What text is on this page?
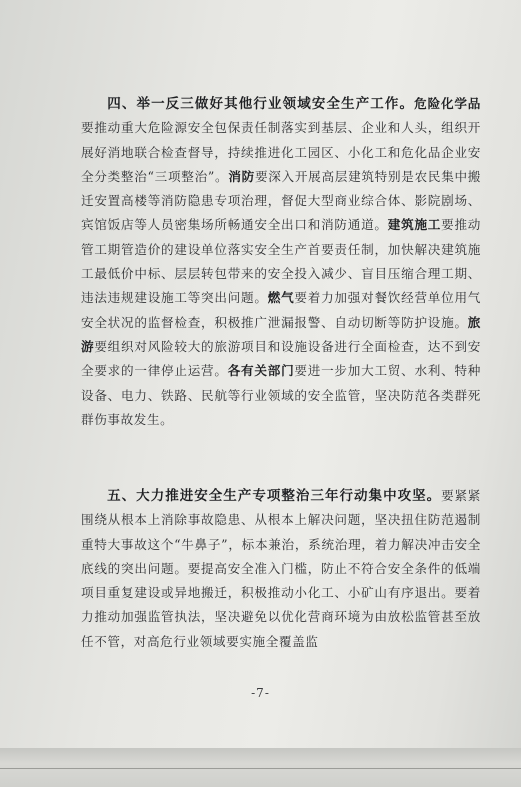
四、举一反三做好其他行业领域安全生产工作。危险化学品要推动重大危险源安全包保责任制落实到基层、企业和人头，组织开展好消地联合检查督导，持续推进化工园区、小化工和危化品企业安全分类整治“三项整治”。消防要深入开展高层建筑特别是农民集中搬迁安置高楼等消防隐患专项治理，督促大型商业综合体、影院剧场、宾馆饭店等人员密集场所畅通安全出口和消防通道。建筑施工要推动管工期管造价的建设单位落实安全生产首要责任制，加快解决建筑施工最低价中标、层层转包带来的安全投入减少、盲目压缩合理工期、违法违规建设施工等突出问题。燃气要着力加强对餐饮经营单位用气安全状况的监督检查，积极推广泄漏报警、自动切断等防护设施。旅游要组织对风险较大的旅游项目和设施设备进行全面检查，达不到安全要求的一律停止运营。各有关部门要进一步加大工贸、水利、特种设备、电力、铁路、民航等行业领域的安全监管，坚决防范各类群死群伤事故发生。

五、大力推进安全生产专项整治三年行动集中攻坚。要紧紧围绕从根本上消除事故隐患、从根本上解决问题，坚决扭住防范遏制重特大事故这个“牛鼻子”，标本兼治，系统治理，着力解决冲击安全底线的突出问题。要提高安全准入门槛，防止不符合安全条件的低端项目重复建设或异地搬迁，积极推动小化工、小矿山有序退出。要着力推动加强监管执法，坚决避免以优化营商环境为由放松监管甚至放任不管，对高危行业领域要实施全覆盖监

-7-
